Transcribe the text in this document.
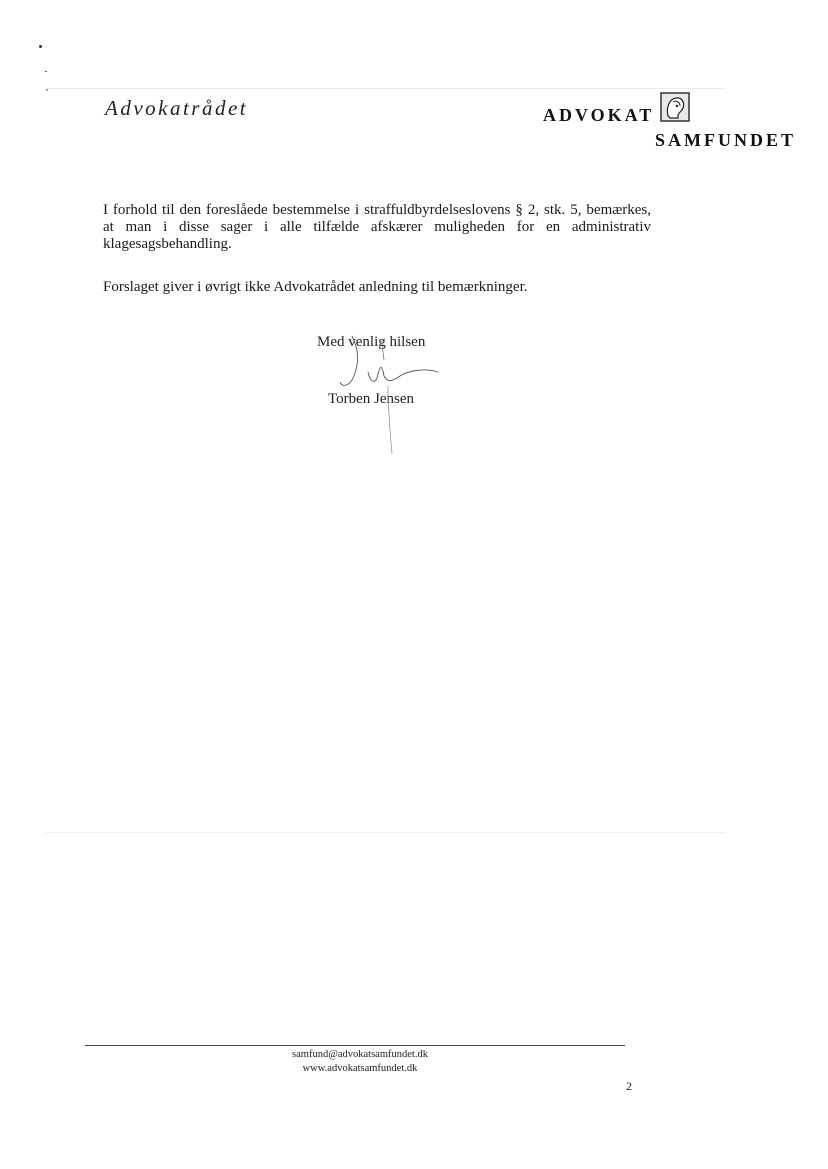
Advokatrådet	ADVOKAT
SAMFUNDET
I forhold til den foreslåede bestemmelse i straffuldbyrdelseslovens § 2, stk. 5, bemærkes, at man i disse sager i alle tilfælde afskærer muligheden for en administrativ klagesagsbehandling.
Forslaget giver i øvrigt ikke Advokatrådet anledning til bemærkninger.
Med venlig hilsen
Torben Jensen
samfund@advokatsamfundet.dk
www.advokatsamfundet.dk
2
